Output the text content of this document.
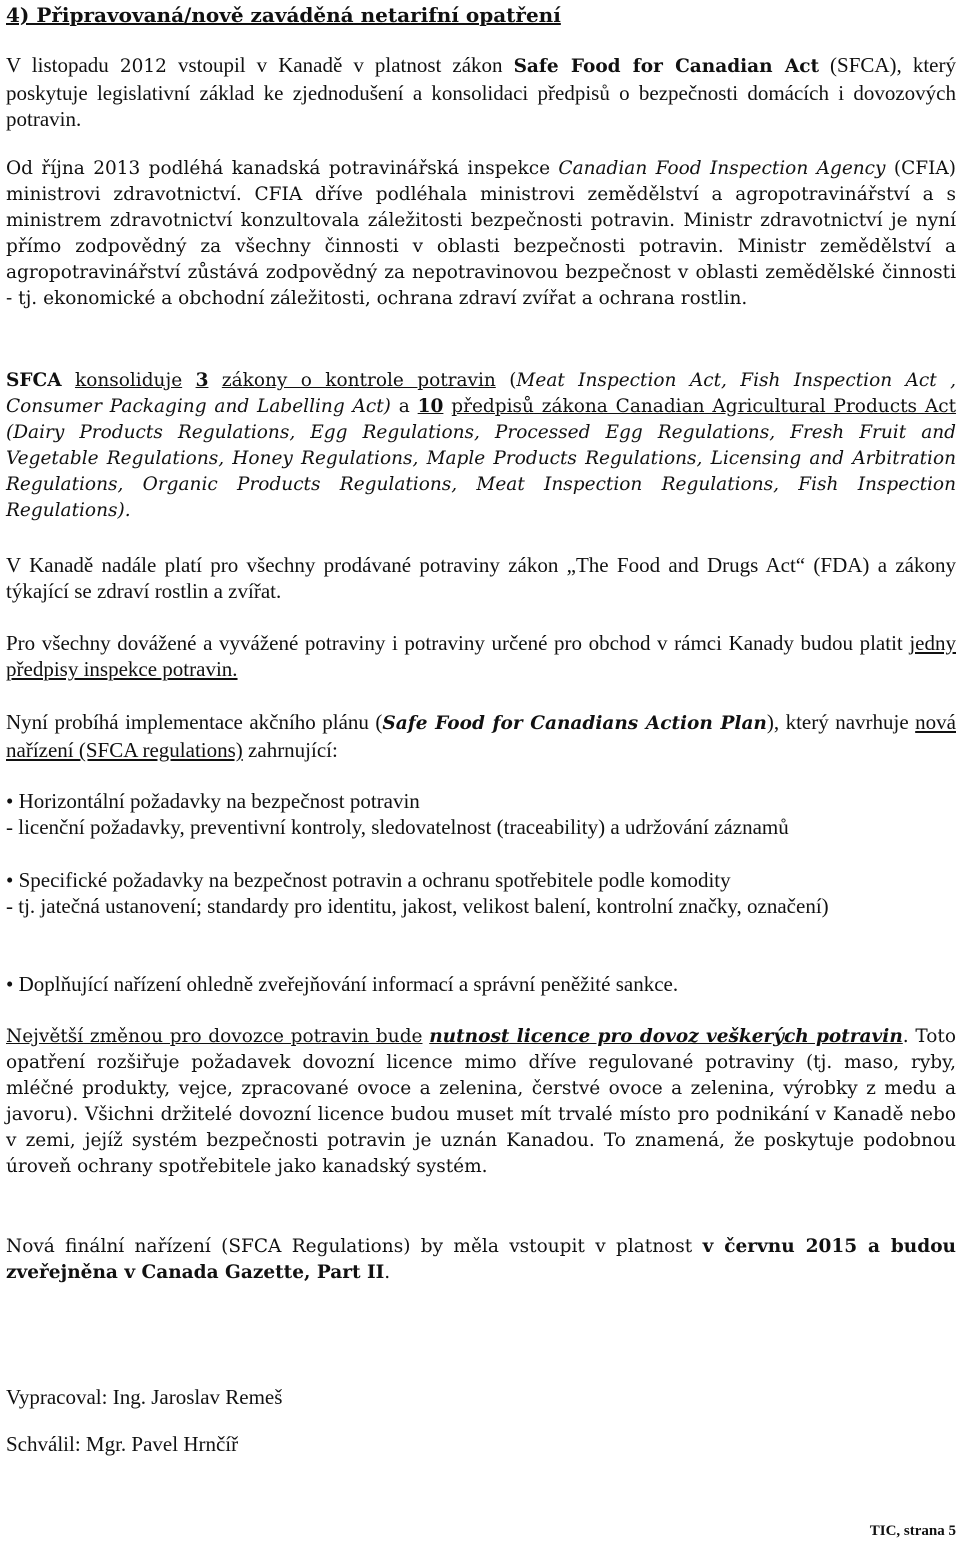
4) Připravovaná/nově zaváděná netarifní opatření

V listopadu 2012 vstoupil v Kanadě v platnost zákon Safe Food for Canadian Act (SFCA), který poskytuje legislativní základ ke zjednodušení a konsolidaci předpisů o bezpečnosti domácích i dovozových potravin.

Od října 2013 podléhá kanadská potravinářská inspekce Canadian Food Inspection Agency (CFIA) ministrovi zdravotnictví. CFIA dříve podléhala ministrovi zemědělství a agropotravinářství a s ministrem zdravotnictví konzultovala záležitosti bezpečnosti potravin. Ministr zdravotnictví je nyní přímo zodpovědný za všechny činnosti v oblasti bezpečnosti potravin. Ministr zemědělství a agropotravinářství zůstává zodpovědný za nepotravinovou bezpečnost v oblasti zemědělské činnosti - tj. ekonomické a obchodní záležitosti, ochrana zdraví zvířat a ochrana rostlin.

SFCA konsoliduje 3 zákony o kontrole potravin (Meat Inspection Act, Fish Inspection Act , Consumer Packaging and Labelling Act) a 10 předpisů zákona Canadian Agricultural Products Act (Dairy Products Regulations, Egg Regulations, Processed Egg Regulations, Fresh Fruit and Vegetable Regulations, Honey Regulations, Maple Products Regulations, Licensing and Arbitration Regulations, Organic Products Regulations, Meat Inspection Regulations, Fish Inspection Regulations).

V Kanadě nadále platí pro všechny prodávané potraviny zákon „The Food and Drugs Act“ (FDA) a zákony týkající se zdraví rostlin a zvířat.

Pro všechny dovážené a vyvážené potraviny i potraviny určené pro obchod v rámci Kanady budou platit jedny předpisy inspekce potravin.

Nyní probíhá implementace akčního plánu (Safe Food for Canadians Action Plan), který navrhuje nová nařízení (SFCA regulations) zahrnující:

• Horizontální požadavky na bezpečnost potravin

- licenční požadavky, preventivní kontroly, sledovatelnost (traceability) a udržování záznamů

• Specifické požadavky na bezpečnost potravin a ochranu spotřebitele podle komodity

- tj. jatečná ustanovení; standardy pro identitu, jakost, velikost balení, kontrolní značky, označení)

• Doplňující nařízení ohledně zveřejňování informací a správní peněžité sankce.

Největší změnou pro dovozce potravin bude nutnost licence pro dovoz veškerých potravin. Toto opatření rozšiřuje požadavek dovozní licence mimo dříve regulované potraviny (tj. maso, ryby, mléčné produkty, vejce, zpracované ovoce a zelenina, čerstvé ovoce a zelenina, výrobky z medu a javoru). Všichni držitelé dovozní licence budou muset mít trvalé místo pro podnikání v Kanadě nebo v zemi, jejíž systém bezpečnosti potravin je uznán Kanadou. To znamená, že poskytuje podobnou úroveň ochrany spotřebitele jako kanadský systém.

Nová finální nařízení (SFCA Regulations) by měla vstoupit v platnost v červnu 2015 a budou zveřejněna v Canada Gazette, Part II.

Vypracoval: Ing. Jaroslav Remeš
Schválil: Mgr. Pavel Hrnčíř
TIC, strana 5
